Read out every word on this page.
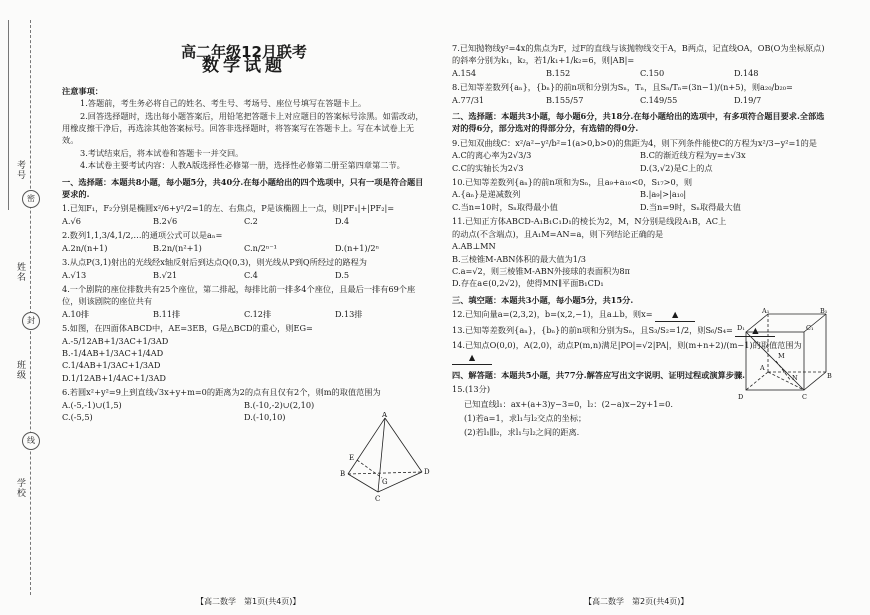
考号
密
姓名
封
班级
线
学校
高二年级12月联考
数学试题
注意事项：

1.答题前，考生务必将自己的姓名、考生号、考场号、座位号填写在答题卡上。

2.回答选择题时，选出每小题答案后，用铅笔把答题卡上对应题目的答案标号涂黑。如需改动，用橡皮擦干净后，再选涂其他答案标号。回答非选择题时，将答案写在答题卡上。写在本试卷上无效。

3.考试结束后，将本试卷和答题卡一并交回。

4.本试卷主要考试内容：人教A版选择性必修第一册，选择性必修第二册至第四章第二节。

一、选择题：本题共8小题，每小题5分，共40分.在每小题给出的四个选项中，只有一项是符合题目要求的.
1.已知F₁，F₂分别是椭圆x²/6+y²/2=1的左、右焦点，P是该椭圆上一点，则|PF₁|+|PF₂|=
A.√6	B.2√6	C.2	D.4
2.数列1,1,3/4,1/2,…的通项公式可以是aₙ=
A.2n/(n+1)	B.2n/(n²+1)	C.n/2ⁿ⁻¹	D.(n+1)/2ⁿ
3.从点P(3,1)射出的光线经x轴反射后到达点Q(0,3)，则光线从P到Q所经过的路程为
A.√13	B.√21	C.4	D.5
4.一个剧院的座位排数共有25个座位，第二排起，每排比前一排多4个座位，且最后一排有69个座位，则该剧院的座位共有
A.10排	B.11排	C.12排	D.13排
5.如图，在四面体ABCD中，AE=3EB，G是△BCD的重心，则EG=
A.-5/12AB+1/3AC+1/3AD
B.-1/4AB+1/3AC+1/4AD
C.1/4AB+1/3AC+1/3AD
D.1/12AB+1/4AC+1/3AD
6.若圆x²+y²=9上到直线√3x+y+m=0的距离为2的点有且仅有2个，则m的取值范围为
A.(-5,-1)∪(1,5)	B.(-10,-2)∪(2,10)
C.(-5,5)	D.(-10,10)	A
B
C
D
E
G
7.已知抛物线y²=4x的焦点为F，过F的直线与该抛物线交于A，B两点，记直线OA，OB(O为坐标原点)的斜率分别为k₁，k₂，若1/k₁+1/k₂=6，则|AB|=
A.154	B.152	C.150	D.148
8.已知等差数列{aₙ}，{bₙ}的前n项和分别为Sₙ，Tₙ，且Sₙ/Tₙ=(3n−1)/(n+5)，则a₂₀/b₂₀=
A.77/31	B.155/57	C.149/55	D.19/7
二、选择题：本题共3小题，每小题6分，共18分.在每小题给出的选项中，有多项符合题目要求.全部选对的得6分，部分选对的得部分分，有选错的得0分.
9.已知双曲线C：x²/a²−y²/b²=1(a>0,b>0)的焦距为4，则下列条件能使C的方程为x²/3−y²=1的是
A.C的离心率为2√3/3	B.C的渐近线方程为y=±√3x
C.C的实轴长为2√3	D.(3,√2)是C上的点
10.已知等差数列{aₙ}的前n项和为Sₙ，且a₉+a₁₀<0，S₁₇>0，则
A.{aₙ}是递减数列	B.|a₉|>|a₁₀|
C.当n=10时，Sₙ取得最小值	D.当n=9时，Sₙ取得最大值
11.已知正方体ABCD-A₁B₁C₁D₁的棱长为2，M，N分别是线段A₁B，AC上的动点(不含端点)，且A₁M=AN=a，则下列结论正确的是
A.AB⊥MN
B.三棱锥M-ABN体积的最大值为1/3
C.a=√2，则三棱锥M-ABN外接球的表面积为8π
D.存在a∈(0,2√2)，使得MN∥平面B₁CD₁
三、填空题：本题共3小题，每小题5分，共15分.
12.已知向量a=(2,3,2)，b=(x,2,−1)，且a⊥b，则x= ▲
13.已知等差数列{aₙ}，{bₙ}的前n项和分别为Sₙ，且S₃/S₂=1/2，则S₆/S₄= ▲
14.已知点O(0,0)，A(2,0)，动点P(m,n)满足|PO|=√2|PA|，则(m+n+2)/(m−1)的取值范围为 ▲
四、解答题：本题共5小题，共77分.解答应写出文字说明、证明过程或演算步骤.
15.(13分)
已知直线l₁：ax+(a+3)y−3=0，l₂：(2−a)x−2y+1=0.
(1)若a=1，求l₁与l₂交点的坐标；
(2)若l₁∥l₂，求l₁与l₂之间的距离.
A₁	B₁
C₁
D₁
A
B
C
D
M
N
【高二数学　第1页(共4页)】	【高二数学　第2页(共4页)】
